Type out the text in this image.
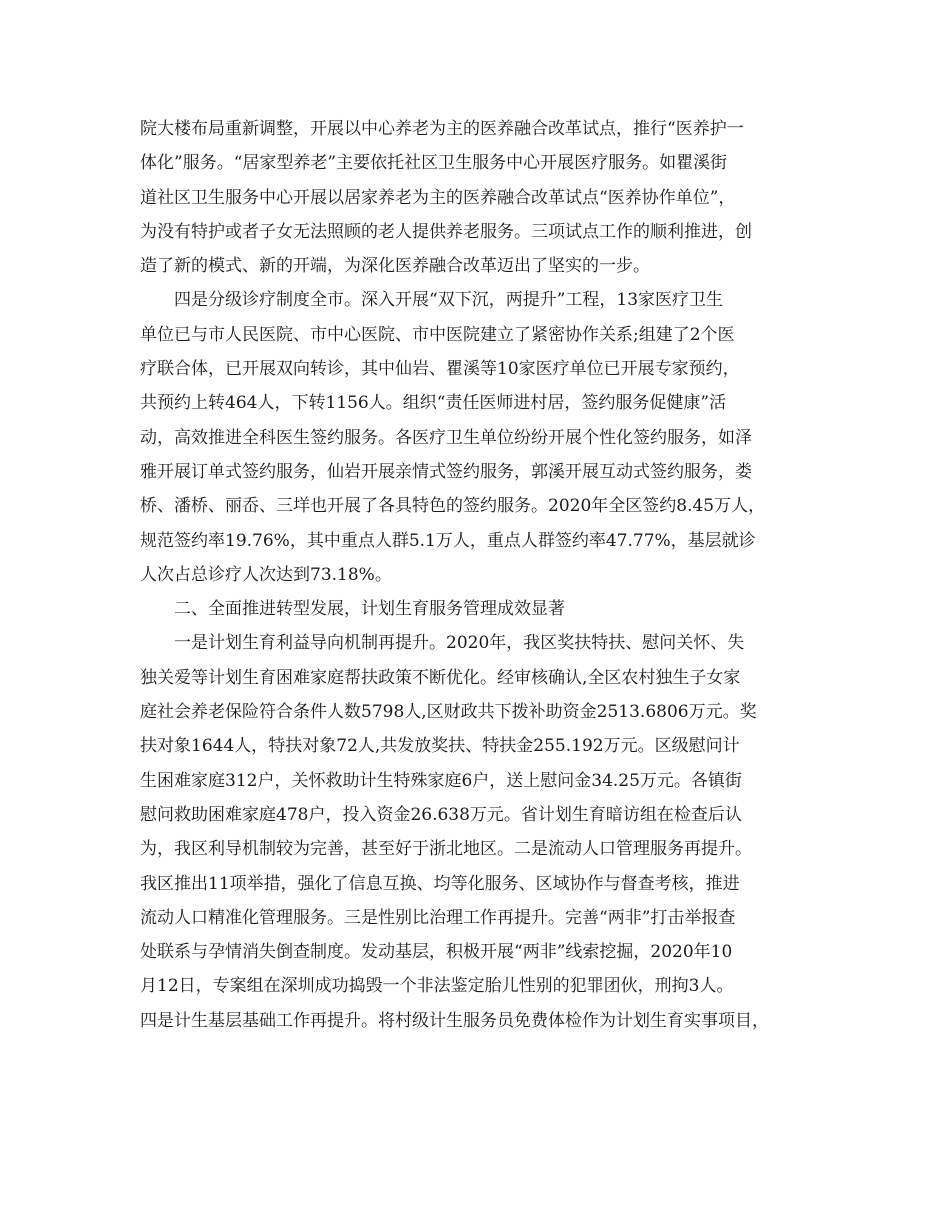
院大楼布局重新调整，开展以中心养老为主的医养融合改革试点，推行“医养护一
体化”服务。“居家型养老”主要依托社区卫生服务中心开展医疗服务。如瞿溪街
道社区卫生服务中心开展以居家养老为主的医养融合改革试点“医养协作单位”，
为没有特护或者子女无法照顾的老人提供养老服务。三项试点工作的顺利推进，创
造了新的模式、新的开端，为深化医养融合改革迈出了坚实的一步。
四是分级诊疗制度全市。深入开展“双下沉，两提升”工程，13家医疗卫生
单位已与市人民医院、市中心医院、市中医院建立了紧密协作关系;组建了2个医
疗联合体，已开展双向转诊，其中仙岩、瞿溪等10家医疗单位已开展专家预约，
共预约上转464人，下转1156人。组织“责任医师进村居，签约服务促健康”活
动，高效推进全科医生签约服务。各医疗卫生单位纷纷开展个性化签约服务，如泽
雅开展订单式签约服务，仙岩开展亲情式签约服务，郭溪开展互动式签约服务，娄
桥、潘桥、丽岙、三垟也开展了各具特色的签约服务。2020年全区签约8.45万人，
规范签约率19.76%，其中重点人群5.1万人，重点人群签约率47.77%，基层就诊
人次占总诊疗人次达到73.18%。
二、全面推进转型发展，计划生育服务管理成效显著
一是计划生育利益导向机制再提升。2020年，我区奖扶特扶、慰问关怀、失
独关爱等计划生育困难家庭帮扶政策不断优化。经审核确认,全区农村独生子女家
庭社会养老保险符合条件人数5798人,区财政共下拨补助资金2513.6806万元。奖
扶对象1644人，特扶对象72人,共发放奖扶、特扶金255.192万元。区级慰问计
生困难家庭312户，关怀救助计生特殊家庭6户，送上慰问金34.25万元。各镇街
慰问救助困难家庭478户，投入资金26.638万元。省计划生育暗访组在检查后认
为，我区利导机制较为完善，甚至好于浙北地区。二是流动人口管理服务再提升。
我区推出11项举措，强化了信息互换、均等化服务、区域协作与督查考核，推进
流动人口精准化管理服务。三是性别比治理工作再提升。完善“两非”打击举报查
处联系与孕情消失倒查制度。发动基层，积极开展“两非”线索挖掘，2020年10
月12日，专案组在深圳成功捣毁一个非法鉴定胎儿性别的犯罪团伙，刑拘3人。
四是计生基层基础工作再提升。将村级计生服务员免费体检作为计划生育实事项目，
